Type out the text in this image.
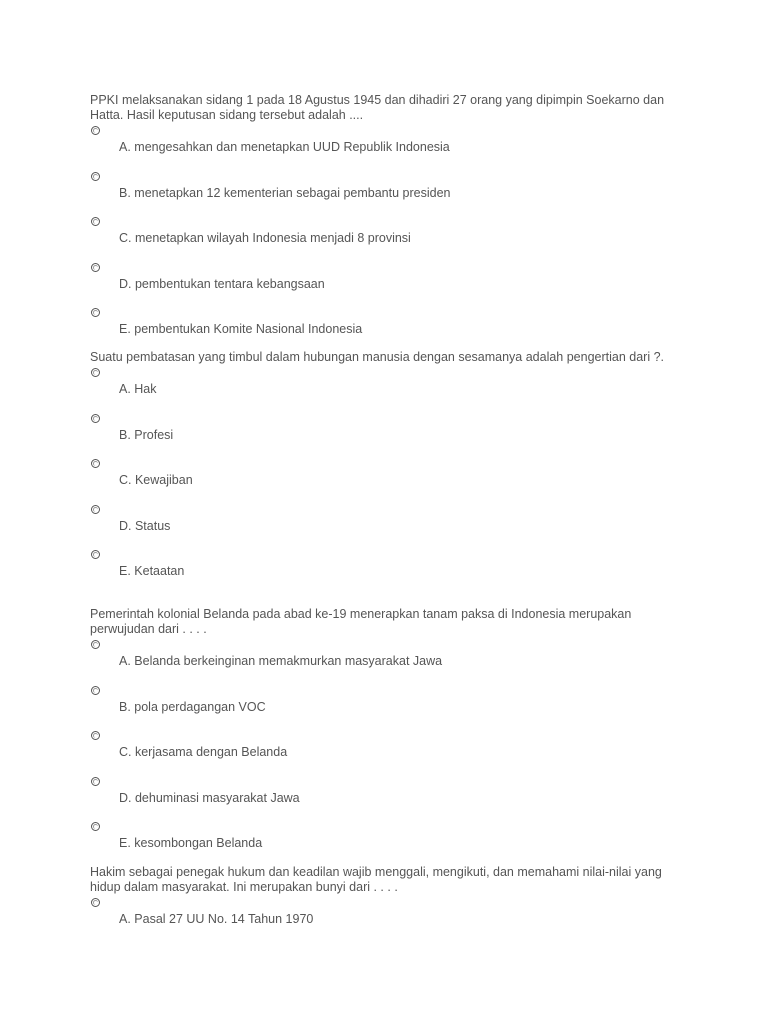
PPKI melaksanakan sidang 1 pada 18 Agustus 1945 dan dihadiri 27 orang yang dipimpin Soekarno dan Hatta. Hasil keputusan sidang tersebut adalah ....

A. mengesahkan dan menetapkan UUD Republik Indonesia
B. menetapkan 12 kementerian sebagai pembantu presiden
C. menetapkan wilayah Indonesia menjadi 8 provinsi
D. pembentukan tentara kebangsaan
E. pembentukan Komite Nasional Indonesia

Suatu pembatasan yang timbul dalam hubungan manusia dengan sesamanya adalah pengertian dari ?.

A. Hak
B. Profesi
C. Kewajiban
D. Status
E. Ketaatan

Pemerintah kolonial Belanda pada abad ke-19 menerapkan tanam paksa di Indonesia merupakan perwujudan dari . . . .

A. Belanda berkeinginan memakmurkan masyarakat Jawa
B. pola perdagangan VOC
C. kerjasama dengan Belanda
D. dehuminasi masyarakat Jawa
E. kesombongan Belanda

Hakim sebagai penegak hukum dan keadilan wajib menggali, mengikuti, dan memahami nilai-nilai yang hidup dalam masyarakat. Ini merupakan bunyi dari . . . .

A. Pasal 27 UU No. 14 Tahun 1970
